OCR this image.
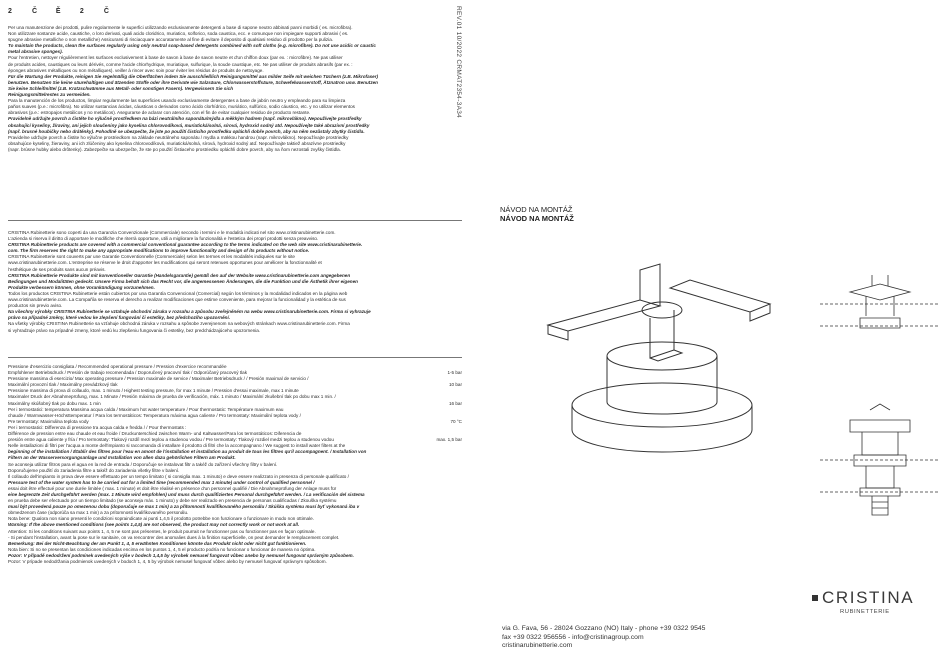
2	Č Ě 2	Č
Per una manutenzione dei prodotti, pulire regolarmente le superfici utilizzando esclusivamente detergenti a base di sapone neutro abbinati panni morbidi ( es. microfibra).
Non utilizzare sostanze acide, caustiche, o loro derivati, quali acido cloridrico, muriatico, solforico, soda caustica, ecc. e comunque non impiegare supporti abrasivi ( es.
spugne abrasive metalliche o non metalliche) Assicurarsi di risciacquare accuratamente al fine di evitare il deposito di qualsiasi residuo di prodotto per la pulizia.
To maintain the products, clean the surfaces regularly using only neutral soap-based detergents combined with soft cloths (e.g. microfibre). Do not use acidic or caustic
metal abrasive sponges).
Pour l'entretien, nettoyer régulièrement les surfaces exclusivement à base de savon à base de savon neutre et d'un chiffon doux (par ex. : microfibre). Ne pas utiliser
de produits acides, caustiques ou leurs dérivés, comme l'acide chlorhydrique, muriatique, sulfurique, la soude caustique, etc. Ne pas utiliser de produits abrasifs (par ex. :
éponges abrasives métalliques ou non métalliques). veiller à rincer avec soin pour éviter les résidus de produits de nettoyage.
Für die Wartung der Produkte, reinigen Sie regelmäßig die Oberflächen indem Sie ausschließlich Reinigungsmittel aus milder Seife mit weichen Tüchern (z.B. Mikrofaser)
benutzen. Benutzen Sie keine säurehaltigen und ätzenden Stoffe oder ihre Derivate wie Salzsäure, Chlorwasserstoffsäure, Schwefelwasserstoff, Ätznatron usw. Benutzen
Sie keine Schleifmittel (z.B. Kratzschwämme aus Metall- oder sonstigen Fasern). Vergewissern Sie sich
Reinigungsmittelrestes zu vermeiden.
Para la manutención de los productos, limpiar regularmente las superficies usando exclusivamente detergentes a base de jabón neutro y empleando para su limpieza
paños suaves (p.e.: microfibra). No utilizar sustancias ácidas, cáusticas o derivados como ácido clorhídrico, muriático, sulfúrico, sodio cáustico, etc. y no utilizar elementos
abrasivos (p.e.: estropajos metálicos y no metálicos). Asegurarse de aclarar con atención, con el fin de evitar cualquier residuo de producto restante.
Pravidelně udržujte povrch a čistěte ho výlučně prostředkem na bázi neutrálního saponátu/mýdla a měkkým hadrem (např. mikrovlákno). Nepoužívejte prostředky
obsahující kyseliny, žíraviny, ani jejich sloučeniny jako kyselina chlorovodíková, muriatická/solná, sírová, hydroxid sodný atd. Nepoužívejte také abrazivní prostředky
(např. brusné houbičky nebo drátěnky). Pohodlně se ubezpečte, že jste po použití čisticího prostředku opláchli dobře povrch, aby na něm nezůstaly zbytky čistidla.
Pravidelne udržujte povrch a čistite ho výlučne prostriedkom na základe neutrálneho saponátu / mydla a mäkkou handrou (napr. mikrovlákno). Nepoužívajte prostriedky
obsahujúce kyseliny, žieraviny, ani ich zlúčeniny ako kyselina chlorovodíková, muriatická/solná, sírová, hydroxid sodný atď. Nepoužívajte taktiež abrazívne prostriedky
(napr. brúsne hubky alebo drôtenky). Zabezpečte sa ubezpečte, že ste po použití čistiaceho prostriedku opláchli dobre povrch, aby na ňom nezostali zvyšky čistidla.
CRISTINA Rubinetterie sono coperti da una Garanzia Convenzionale (Commerciale) secondo i termini e le modalità indicati nel sito www.cristinarubinetterie.com.
L'azienda si riserva il diritto di apportare le modifiche che riterrà opportune, utili a migliorare la funzionalità e l'estetica dei propri prodotti senza preavviso.
CRISTINA Rubinetterie products are covered with a commercial conventional guarantee according to the terms indicated on the web site www.cristinarubinetterie.
com. The firm reserves the right to make any appropriate modifications to improve functionality and design of its products without notice.
CRISTINA Rubinetterie sont couverts par une Garantie Conventionnelle (Commerciale) selon les termes et les modalités indiquées sur le site
www.cristinarubinetterie.com. L'entreprise se réserve le droit d'apporter les modifications qui seront retenues opportunes pour améliorer la fonctionnalité et
l'esthétique de ses produits sans aucun préavis.
CRISTINA Rubinetterie Produkte sind mit konventioneller Garantie (Handelsgarantie) gemäß den auf der Website www.cristinarubinetterie.com angegebenen
Bedingungen und Modalitäten gedeckt. Unsere Firma behält sich das Recht vor, die angemessenen Änderungen, die die Funktion und die Ästhetik ihrer eigenen
Produkte verbessern können, ohne Vorankündigung vorzunehmen.
Todos los productos CRISTINA Rubinetterie están cubiertos por una Garantía Convencional (Comercial) según los términos y la modalidad indicados en la página web
www.cristinarubinetterie.com. La Compañía se reserva el derecho a realizar modificaciones que estime conveniente, para mejorar la funcionalidad y la estética de sus
productos sin previo aviso.
Na všechny výrobky CRISTINA Rubinetterie se vztahuje obchodní záruka v rozsahu a způsobu zveřejněném na webu www.cristinarubinetterie.com. Firma si vyhrazuje
právo na případné změny, které vedou ke zlepšení fungování či estetiky, bez předchozího upozornění.
Na všetky výrobky CRISTINA Rubinetterie sa vzťahuje obchodná záruka v rozsahu a spôsobe zverejnenom na webových stránkach www.cristinarubinetterie.com. Firma
si vyhradzuje právo na prípadné zmeny, ktoré vedú ku zlepšeniu fungovania či estetiky, bez predchádzajúceho upozornenia.
Pressione d'esercizio consigliata / Recommended operational pressure / Pression d'exercice recommandée
Empfohlener Betriebsdruck / Presión de trabajo recomendada / Doporučený pracovní tlak / Odporúčaný pracovný tlak	1-5 bar
Pressione massima di esercizio/ Max operating pressure / Pression maximale de service / Maximaler Betriebsdruck / / Presión maximal de servicio /
Maximální provozní tlak / Maximálny prevádzkový tlak	10 bar
Pressione massima di prova di collaudo, max. 1 minuto / Highest testing pressure, for max 1 minute / Pression d'essai maximale, max 1 minute
Maximaler Druck der Abnahmeprüfung, max. 1 Minute / Presión máxima de prueba de verificación, máx. 1 minuto / Maximální zkušební tlak po dobu max 1 min. /
Maximálny skúšobný tlak po dobu max. 1 min	16 bar
Per i termostatici: temperatura Massima acqua calda / Maximum hot water temperature / Pour thermostatic: Température maximum eau
chaude / Warmwasser-Höchsttemperatur / Para los termostáticos: Temperatura máxima agua caliente / Pro termostaty: Maximální teplota vody /
Pre termostaty: Maximálna teplota vody	70 °C
Per i termostatici: Differenza di pressione tra acqua calda e fredda / / Pour thermostats :
Différence de pression entre eau chaude et eau froide / Druckunterschied zwischen Warm- und Kaltwasser/Para los termostáticos: Diferencia de
presión entre agua caliente y fría / Pro termostaty: Tlakový rozdíl mezi teplou a studenou vodou / Pre termostaty: Tlakový rozdiel medzi teplou a studenou vodou	max. 1,5 bar
Nelle installazioni di filtri per l'acqua a monte dell'impianto si raccomanda di installare il prodotto di filtri che la accompagnano / We suggest to install water filters at the
beginning of the installation / Établir des filtres pour l'eau en amont de l'installation et installation au produit de tous les filtres qu'il accompagnent. / Installation von
Filtern an der Wasserversorgungsanlage und Installation von allen dazu gehörlichen Filtern am Produkt.
Se aconseja utilizar filtros para el agua en la red de entrada / Doporučuje se instalovat filtr a takéž do zařízení všechny filtry v balení.
Doporučujeme použití do zariadenia filtre a takéž do zariadenia všetky filtre v balení.
Il collaudo dell'impianto in prova deve essere effettuato per un tempo limitato ( si consiglia max. 1 minuto) e deve essere realizzato in presenza di personale qualificato /
Pressure test of the water system has to be carried out for a limited time (recommended max 1 minute) under control of qualified personnel /
essai doit être effectué pour une durée limitée ( max. 1 minute) et doit être réalisé en présence d'un personnel qualifié / Die Abnahmeprüfung der Anlage muss für
eine begrenzte Zeit durchgeführt werden (max. 1 Minute wird empfohlen) und muss durch qualifiziertes Personal durchgeführt werden. / La verificación del sistema
en prueba debe ser efectuado por un tiempo limitado (se aconseja máx. 1 minuto) y debe ser realizado en presencia de personas cualificadas / Zkouška systému
musí být provedená pouze po omezenou dobu (doporučuje se max 1 min) a za přítomnosti kvalifikovaného personálu / Skúška systému musí byť vykonaná iba v
obmedzenom čase (odporúča sa max 1 min) a za prítomnosti kvalifikovaného personálu.
Nota bene: Qualora non siano presenti le condizioni sopraindicate ai punti 1,4,5 il prodotto potrebbe non funzionare o funzionare in modo non ottimale.
Warning: If the above mentioned conditions (see points 1,4,5) are not observed, the product may not correctly work or not work at all.
Attention: Si les conditions suivant aux points 1, 4, 5 ne sont pas présentes, le produit pourrait ne fonctionner pas ou fonctionner pas en façon optimale.
- Si pendant l'installation, avant la pose sur le sanitaire, on va rencontrer des anomalies dues à la finition superficielle, on peut demander le remplacement complet.
Bemerkung: Bei der Nicht-Beachtung der am Punkt 1, 4, 5 erwähnten Konditionen könnte das Produkt nicht oder nicht gut funktionieren.
Nota bien: Si no se presentan las condiciones indicadas encima en los puntos 1, 4, 5 el producto podría no funcionar o funcionar de manera no óptima.
Pozor: V případě nedodržení podmínek uvedených výše v bodech 1,4,5 by výrobek nemusel fungovat vůbec anebo by nemusel fungovat správným způsobem.
Pozor: V prípade nedodržania podmienok uvedených v bodoch 1, 4, 5 by výrobok nemusel fungovať vôbec alebo by nemusel fungovať správnym spôsobom.
REV.01 10/2022 CRMAT2354-3A34
NÁVOD NA MONTÁŽ
NÁVOD NA MONTÁŽ
CRISTINA
RUBINETTERIE
via G. Fava, 56 - 28024 Gozzano (NO) Italy - phone +39 0322 9545
fax +39 0322 956556 - info@cristinagroup.com
cristinarubinetterie.com
